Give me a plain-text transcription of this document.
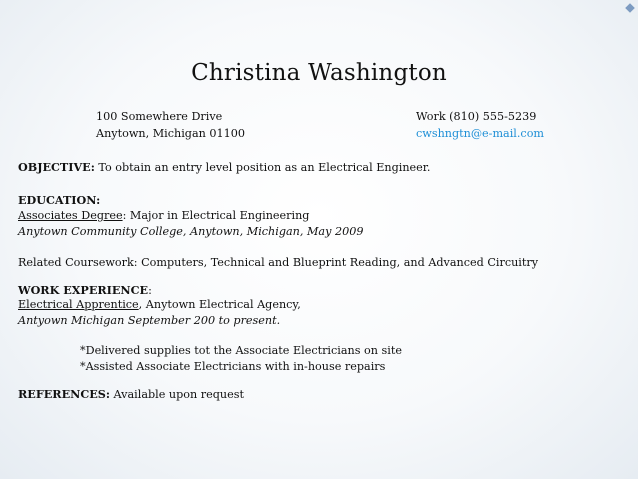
Christina Washington
100 Somewhere Drive
Anytown, Michigan 01100
Work (810) 555-5239
cwshngtn@e-mail.com
OBJECTIVE: To obtain an entry level position as an Electrical Engineer.
EDUCATION:
Associates Degree: Major in Electrical Engineering
Anytown Community College, Anytown, Michigan, May 2009
Related Coursework: Computers, Technical and Blueprint Reading, and Advanced Circuitry
WORK EXPERIENCE:
Electrical Apprentice, Anytown Electrical Agency,
Antyown Michigan September 200 to present.
*Delivered supplies tot the Associate Electricians on site
*Assisted Associate Electricians with in-house repairs
REFERENCES: Available upon request
